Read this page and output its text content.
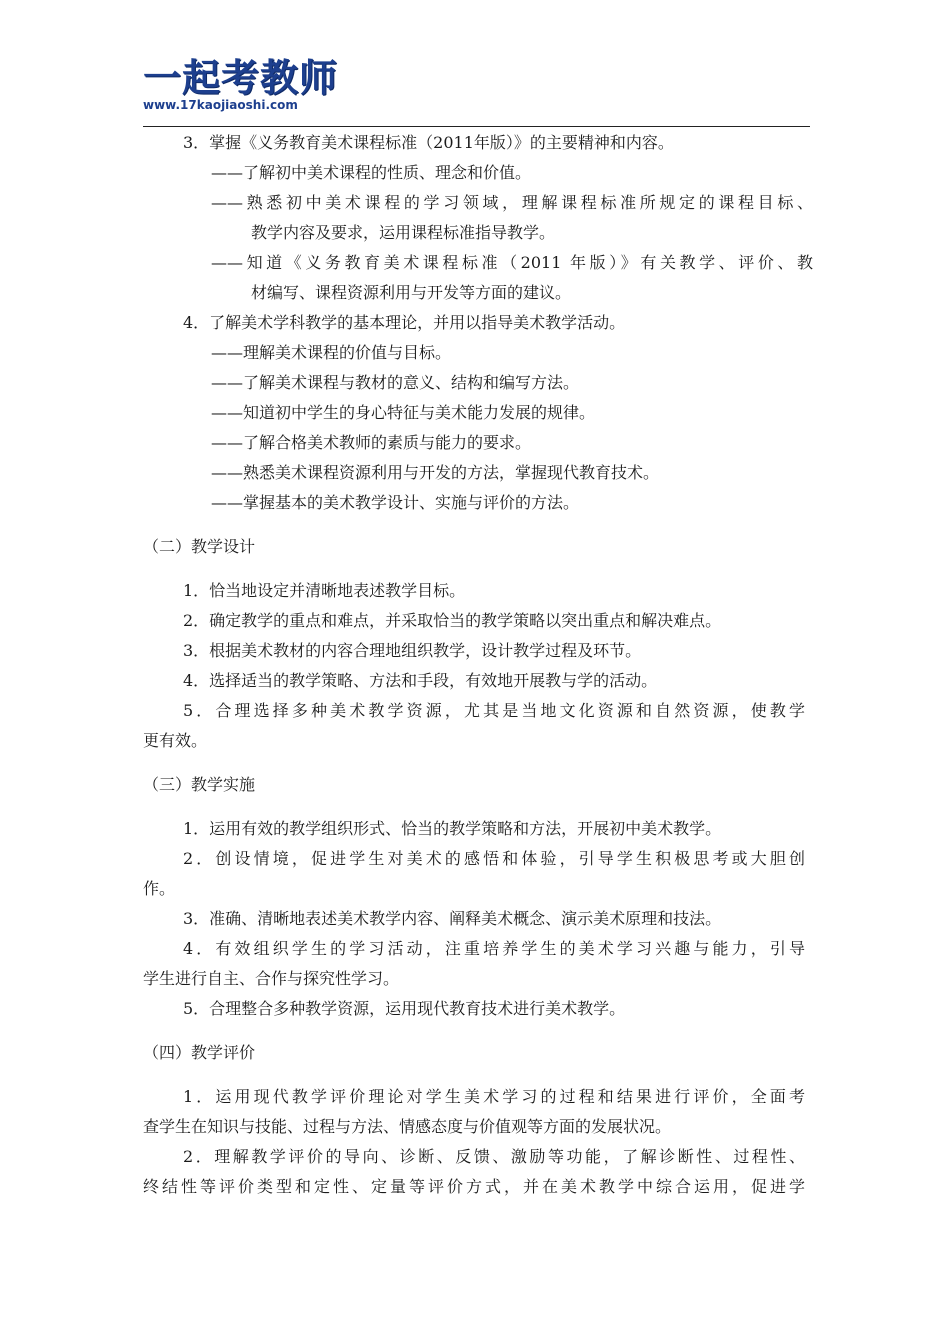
一起考教师
www.17kaojiaoshi.com
3．掌握《义务教育美术课程标准（2011年版）》的主要精神和内容。
——了解初中美术课程的性质、理念和价值。
——熟悉初中美术课程的学习领域，理解课程标准所规定的课程目标、
教学内容及要求，运用课程标准指导教学。
——知道《义务教育美术课程标准（2011 年版）》有关教学、评价、教
材编写、课程资源利用与开发等方面的建议。
4．了解美术学科教学的基本理论，并用以指导美术教学活动。
——理解美术课程的价值与目标。
——了解美术课程与教材的意义、结构和编写方法。
——知道初中学生的身心特征与美术能力发展的规律。
——了解合格美术教师的素质与能力的要求。
——熟悉美术课程资源利用与开发的方法，掌握现代教育技术。
——掌握基本的美术教学设计、实施与评价的方法。
（二）教学设计
1．恰当地设定并清晰地表述教学目标。
2．确定教学的重点和难点，并采取恰当的教学策略以突出重点和解决难点。
3．根据美术教材的内容合理地组织教学，设计教学过程及环节。
4．选择适当的教学策略、方法和手段，有效地开展教与学的活动。
5．合理选择多种美术教学资源，尤其是当地文化资源和自然资源，使教学
更有效。
（三）教学实施
1．运用有效的教学组织形式、恰当的教学策略和方法，开展初中美术教学。
2．创设情境，促进学生对美术的感悟和体验，引导学生积极思考或大胆创
作。
3．准确、清晰地表述美术教学内容、阐释美术概念、演示美术原理和技法。
4．有效组织学生的学习活动，注重培养学生的美术学习兴趣与能力，引导
学生进行自主、合作与探究性学习。
5．合理整合多种教学资源，运用现代教育技术进行美术教学。
（四）教学评价
1．运用现代教学评价理论对学生美术学习的过程和结果进行评价，全面考
查学生在知识与技能、过程与方法、情感态度与价值观等方面的发展状况。
2．理解教学评价的导向、诊断、反馈、激励等功能，了解诊断性、过程性、
终结性等评价类型和定性、定量等评价方式，并在美术教学中综合运用，促进学
